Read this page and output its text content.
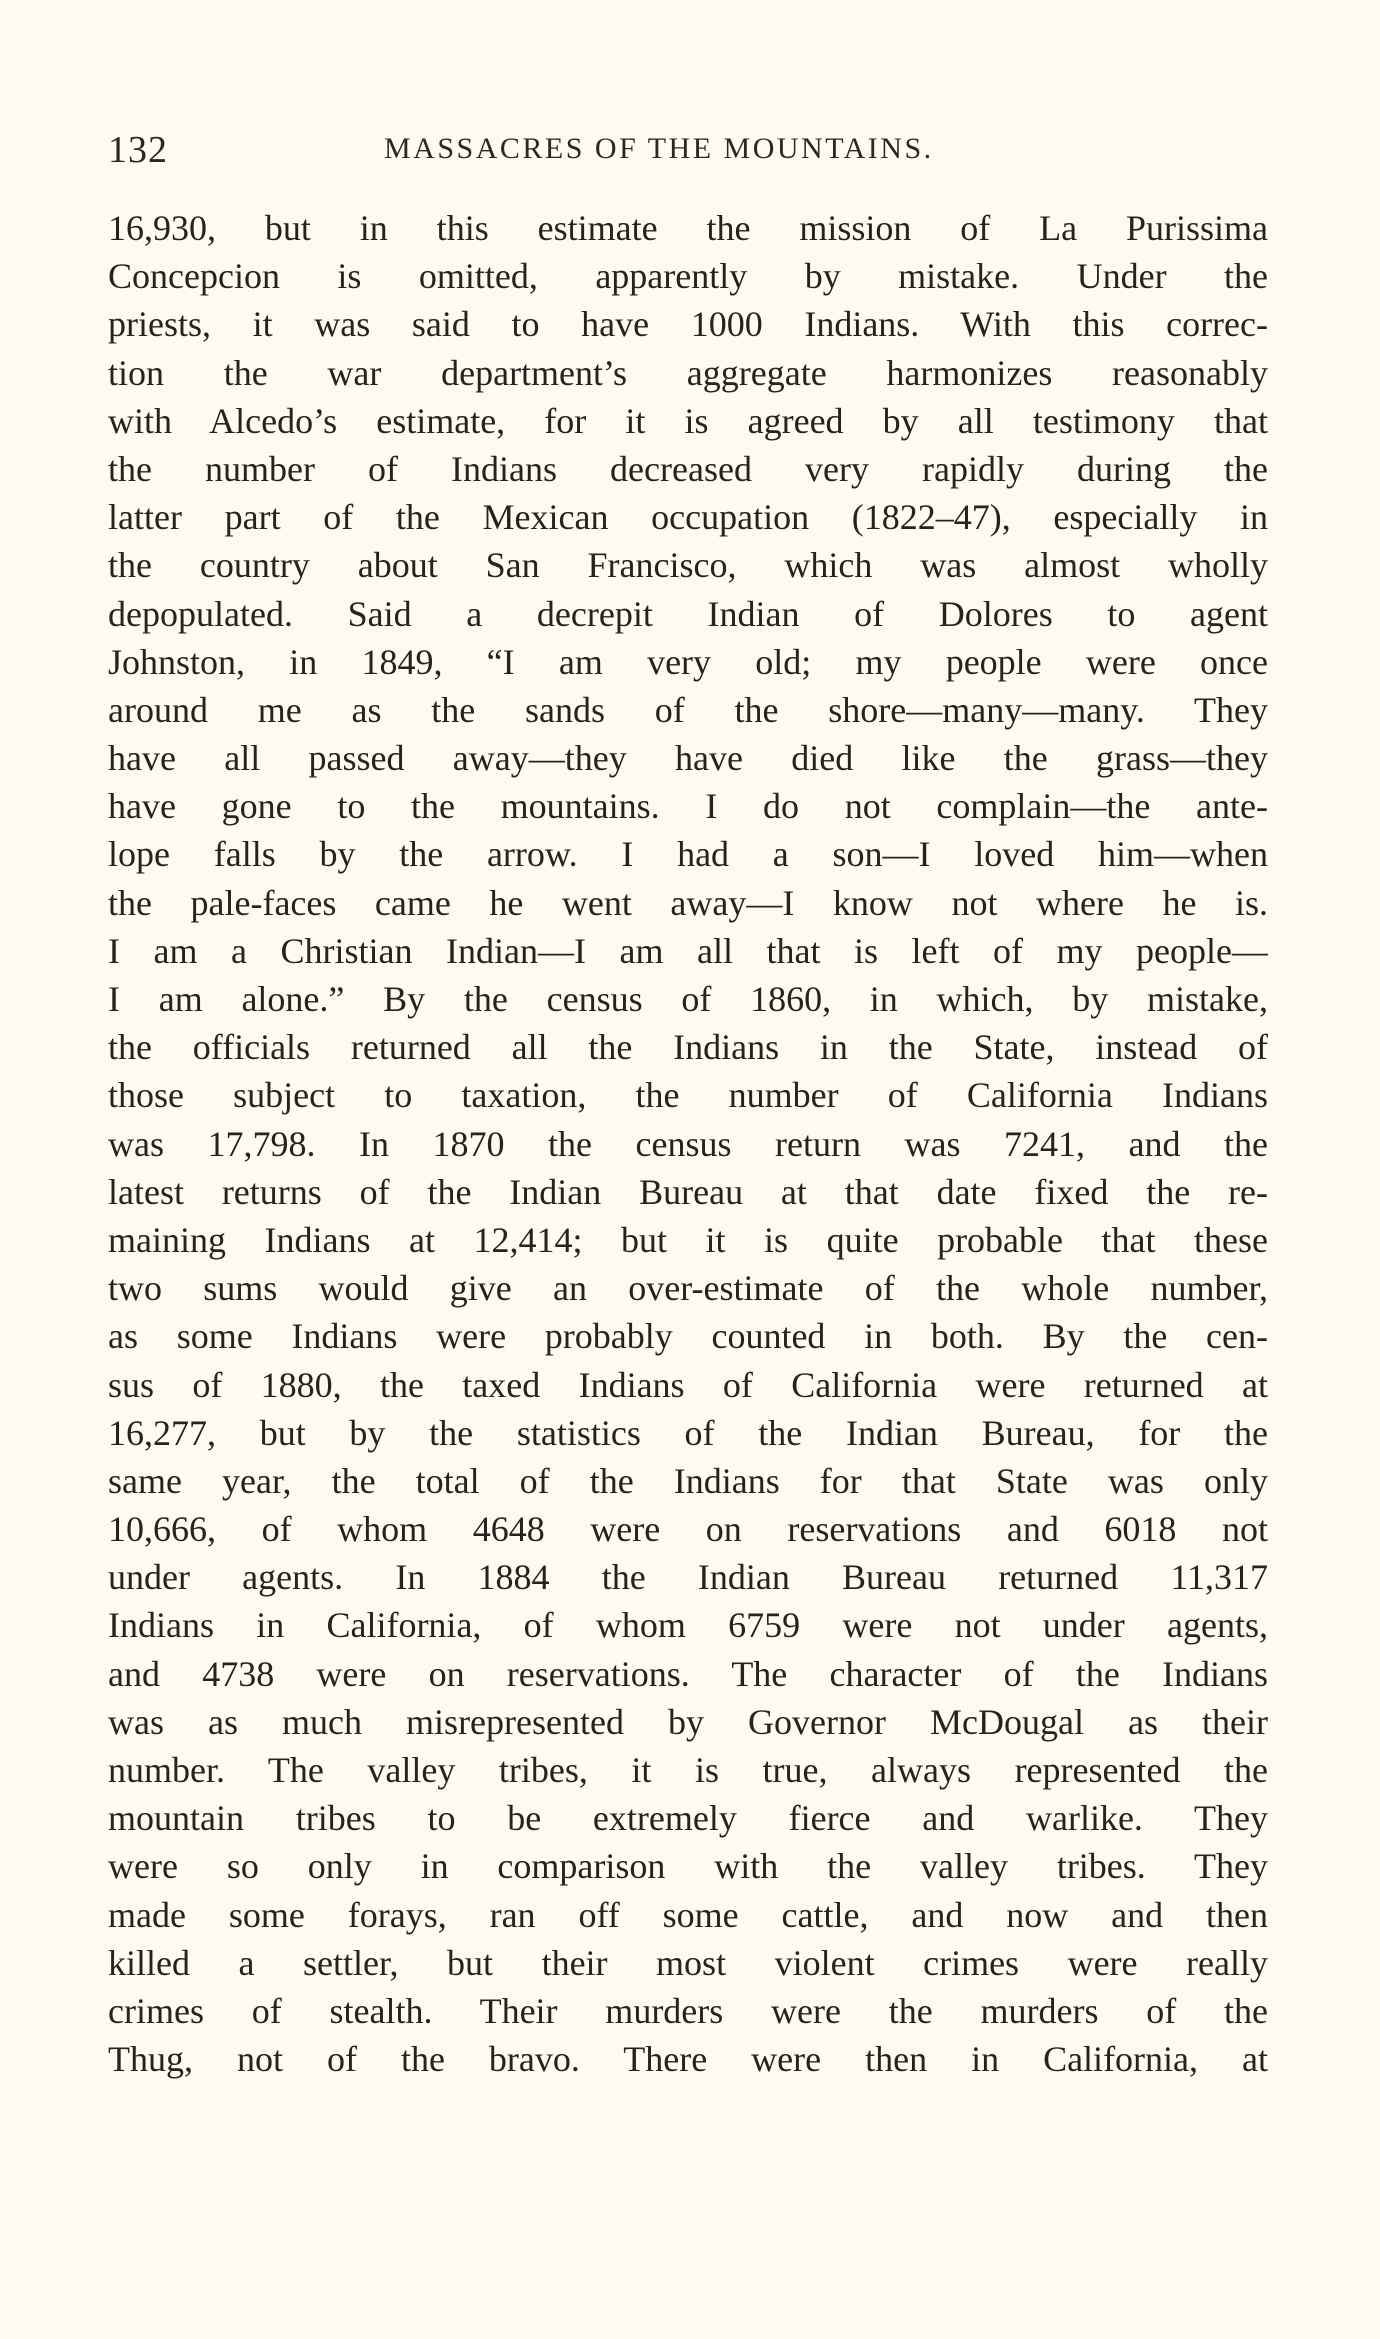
132	MASSACRES OF THE MOUNTAINS.
16,930, but in this estimate the mission of La Purissima
Concepcion is omitted, apparently by mistake. Under the
priests, it was said to have 1000 Indians. With this correc-
tion the war department’s aggregate harmonizes reasonably
with Alcedo’s estimate, for it is agreed by all testimony that
the number of Indians decreased very rapidly during the
latter part of the Mexican occupation (1822–47), especially in
the country about San Francisco, which was almost wholly
depopulated. Said a decrepit Indian of Dolores to agent
Johnston, in 1849, “I am very old; my people were once
around me as the sands of the shore—many—many. They
have all passed away—they have died like the grass—they
have gone to the mountains. I do not complain—the ante-
lope falls by the arrow. I had a son—I loved him—when
the pale-faces came he went away—I know not where he is.
I am a Christian Indian—I am all that is left of my people—
I am alone.” By the census of 1860, in which, by mistake,
the officials returned all the Indians in the State, instead of
those subject to taxation, the number of California Indians
was 17,798. In 1870 the census return was 7241, and the
latest returns of the Indian Bureau at that date fixed the re-
maining Indians at 12,414; but it is quite probable that these
two sums would give an over-estimate of the whole number,
as some Indians were probably counted in both. By the cen-
sus of 1880, the taxed Indians of California were returned at
16,277, but by the statistics of the Indian Bureau, for the
same year, the total of the Indians for that State was only
10,666, of whom 4648 were on reservations and 6018 not
under agents. In 1884 the Indian Bureau returned 11,317
Indians in California, of whom 6759 were not under agents,
and 4738 were on reservations. The character of the Indians
was as much misrepresented by Governor McDougal as their
number. The valley tribes, it is true, always represented the
mountain tribes to be extremely fierce and warlike. They
were so only in comparison with the valley tribes. They
made some forays, ran off some cattle, and now and then
killed a settler, but their most violent crimes were really
crimes of stealth. Their murders were the murders of the
Thug, not of the bravo. There were then in California, at
